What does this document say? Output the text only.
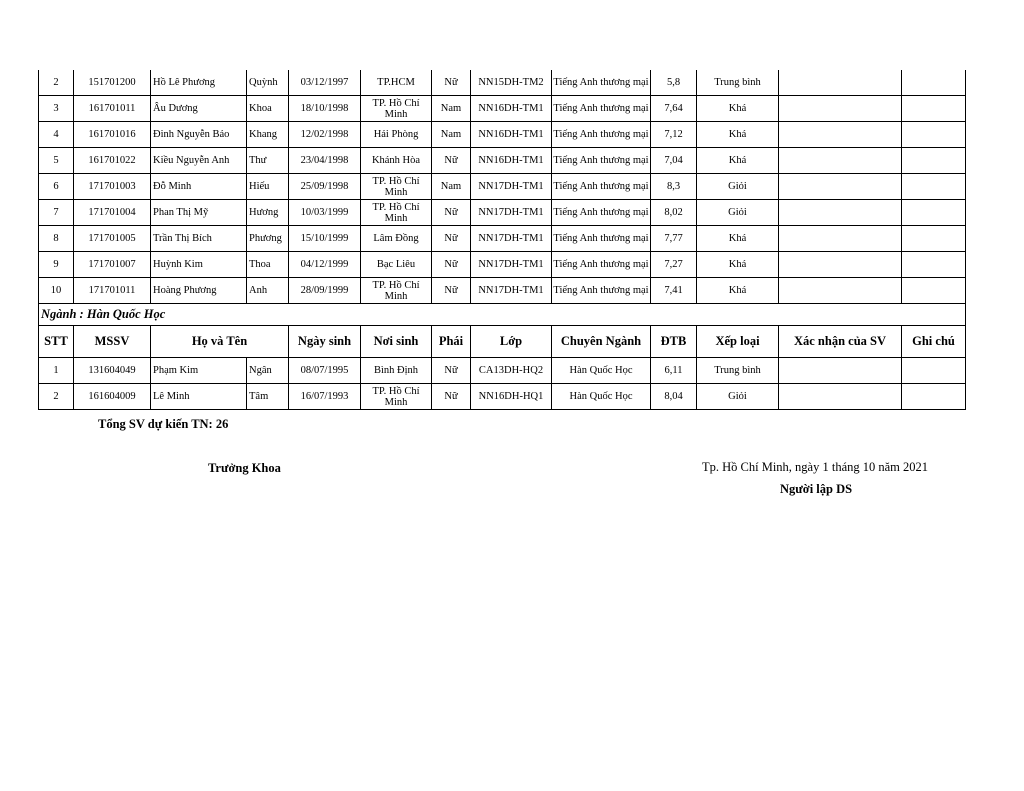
2	151701200	Hồ Lê Phương	Quỳnh	03/12/1997	TP.HCM	Nữ	NN15DH-TM2	Tiếng Anh thương mại	5,8	Trung bình		
3	161701011	Âu Dương	Khoa	18/10/1998	TP. Hồ Chí Minh	Nam	NN16DH-TM1	Tiếng Anh thương mại	7,64	Khá		
4	161701016	Đinh Nguyễn Bảo	Khang	12/02/1998	Hải Phòng	Nam	NN16DH-TM1	Tiếng Anh thương mại	7,12	Khá		
5	161701022	Kiều Nguyễn Anh	Thư	23/04/1998	Khánh Hòa	Nữ	NN16DH-TM1	Tiếng Anh thương mại	7,04	Khá		
6	171701003	Đỗ Minh	Hiếu	25/09/1998	TP. Hồ Chí Minh	Nam	NN17DH-TM1	Tiếng Anh thương mại	8,3	Giỏi		
7	171701004	Phan Thị Mỹ	Hương	10/03/1999	TP. Hồ Chí Minh	Nữ	NN17DH-TM1	Tiếng Anh thương mại	8,02	Giỏi		
8	171701005	Trần Thị Bích	Phương	15/10/1999	Lâm Đồng	Nữ	NN17DH-TM1	Tiếng Anh thương mại	7,77	Khá		
9	171701007	Huỳnh Kim	Thoa	04/12/1999	Bạc Liêu	Nữ	NN17DH-TM1	Tiếng Anh thương mại	7,27	Khá		
10	171701011	Hoàng Phương	Anh	28/09/1999	TP. Hồ Chí Minh	Nữ	NN17DH-TM1	Tiếng Anh thương mại	7,41	Khá		
Ngành : Hàn Quốc Học												
STT	MSSV	Họ và Tên		Ngày sinh	Nơi sinh	Phái	Lớp	Chuyên Ngành	ĐTB	Xếp loại	Xác nhận của SV	Ghi chú
1	131604049	Phạm Kim	Ngân	08/07/1995	Bình Định	Nữ	CA13DH-HQ2	Hàn Quốc Học	6,11	Trung bình		
2	161604009	Lê Minh	Tâm	16/07/1993	TP. Hồ Chí Minh	Nữ	NN16DH-HQ1	Hàn Quốc Học	8,04	Giỏi		
Tổng SV dự kiến TN: 26
Trưởng Khoa	Tp. Hồ Chí Minh, ngày 1 tháng 10 năm 2021
Người lập DS
